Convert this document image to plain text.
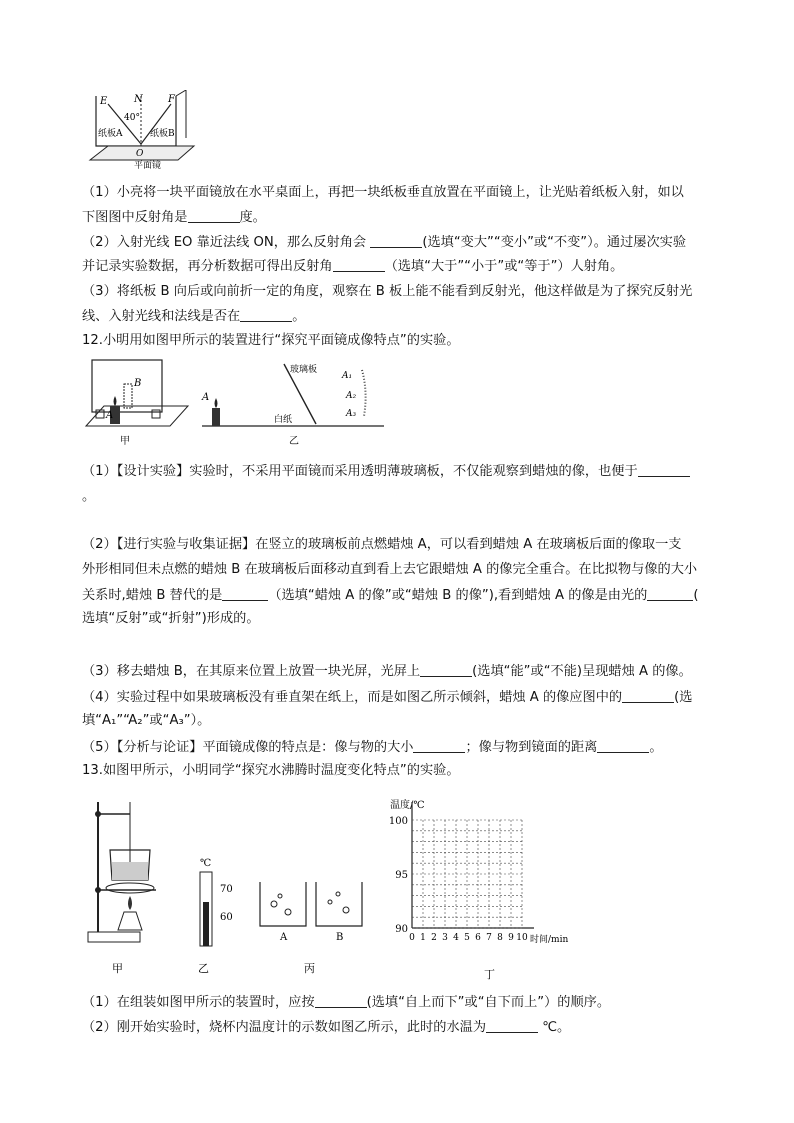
E	N	F
40°
纸板A	纸板B
O
平面镜
（1）小亮将一块平面镜放在水平桌面上，再把一块纸板垂直放置在平面镜上，让光贴着纸板入射，如以
下图图中反射角是	度。
（2）入射光线 EO 靠近法线 ON，那么反射角会	(选填“变大”“变小”或“不变”）。通过屡次实验
并记录实验数据，再分析数据可得出反射角	（选填“大于”“小于”或“等于”）人射角。
（3）将纸板 B 向后或向前折一定的角度，观察在 B 板上能不能看到反射光，他这样做是为了探究反射光
线、入射光线和法线是否在	。
12.小明用如图甲所示的装置进行“探究平面镜成像特点”的实验。
B
A
甲
A
玻璃板
白纸
乙
A₁
A₂
A₃
（1）【设计实验】实验时，不采用平面镜而采用透明薄玻璃板，不仅能观察到蜡烛的像，也便于
。
（2）【进行实验与收集证据】在竖立的玻璃板前点燃蜡烛 A，可以看到蜡烛 A 在玻璃板后面的像取一支
外形相同但未点燃的蜡烛 B 在玻璃板后面移动直到看上去它跟蜡烛 A 的像完全重合。在比拟物与像的大小
关系时,蜡烛 B 替代的是	（选填“蜡烛 A 的像”或“蜡烛 B 的像”),看到蜡烛 A 的像是由光的	(
选填“反射”或“折射”)形成的。
（3）移去蜡烛 B，在其原来位置上放置一块光屏，光屏上	(选填“能”或“不能)呈现蜡烛 A 的像。
（4）实验过程中如果玻璃板没有垂直架在纸上，而是如图乙所示倾斜，蜡烛 A 的像应图中的	(选
填“A₁”“A₂”或“A₃”）。
（5）【分析与论证】平面镜成像的特点是：像与物的大小	；像与物到镜面的距离	。
13.如图甲所示，小明同学“探究水沸腾时温度变化特点”的实验。
甲
℃
70
60
乙
A	B
丙
温度/℃
100
95
90
0 1 2 3 4 5 6 7 8 9 10 时间/min
丁
（1）在组装如图甲所示的装置时，应按	(选填“自上而下”或“自下而上”）的顺序。
（2）刚开始实验时，烧杯内温度计的示数如图乙所示，此时的水温为	℃。
